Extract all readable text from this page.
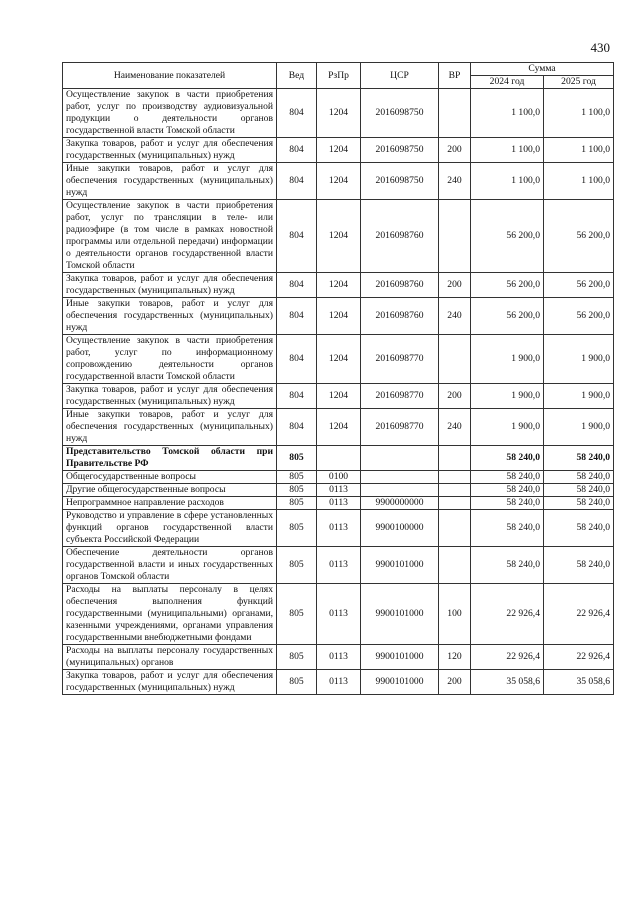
430
Наименование показателей	Вед	РзПр	ЦСР	ВР	Сумма	
					2024 год	2025 год
Осуществление закупок в части приобретения работ, услуг по производству аудиовизуальной продукции о деятельности органов государственной власти Томской области	804	1204	2016098750		1 100,0	1 100,0
Закупка товаров, работ и услуг для обеспечения государственных (муниципальных) нужд	804	1204	2016098750	200	1 100,0	1 100,0
Иные закупки товаров, работ и услуг для обеспечения государственных (муниципальных) нужд	804	1204	2016098750	240	1 100,0	1 100,0
Осуществление закупок в части приобретения работ, услуг по трансляции в теле- или радиоэфире (в том числе в рамках новостной программы или отдельной передачи) информации о деятельности органов государственной власти Томской области	804	1204	2016098760		56 200,0	56 200,0
Закупка товаров, работ и услуг для обеспечения государственных (муниципальных) нужд	804	1204	2016098760	200	56 200,0	56 200,0
Иные закупки товаров, работ и услуг для обеспечения государственных (муниципальных) нужд	804	1204	2016098760	240	56 200,0	56 200,0
Осуществление закупок в части приобретения работ, услуг по информационному сопровождению деятельности органов государственной власти Томской области	804	1204	2016098770		1 900,0	1 900,0
Закупка товаров, работ и услуг для обеспечения государственных (муниципальных) нужд	804	1204	2016098770	200	1 900,0	1 900,0
Иные закупки товаров, работ и услуг для обеспечения государственных (муниципальных) нужд	804	1204	2016098770	240	1 900,0	1 900,0
Представительство Томской области при Правительстве РФ	805				58 240,0	58 240,0
Общегосударственные вопросы	805	0100			58 240,0	58 240,0
Другие общегосударственные вопросы	805	0113			58 240,0	58 240,0
Непрограммное направление расходов	805	0113	9900000000		58 240,0	58 240,0
Руководство и управление в сфере установленных функций органов государственной власти субъекта Российской Федерации	805	0113	9900100000		58 240,0	58 240,0
Обеспечение деятельности органов государственной власти и иных государственных органов Томской области	805	0113	9900101000		58 240,0	58 240,0
Расходы на выплаты персоналу в целях обеспечения выполнения функций государственными (муниципальными) органами, казенными учреждениями, органами управления государственными внебюджетными фондами	805	0113	9900101000	100	22 926,4	22 926,4
Расходы на выплаты персоналу государственных (муниципальных) органов	805	0113	9900101000	120	22 926,4	22 926,4
Закупка товаров, работ и услуг для обеспечения государственных (муниципальных) нужд	805	0113	9900101000	200	35 058,6	35 058,6
